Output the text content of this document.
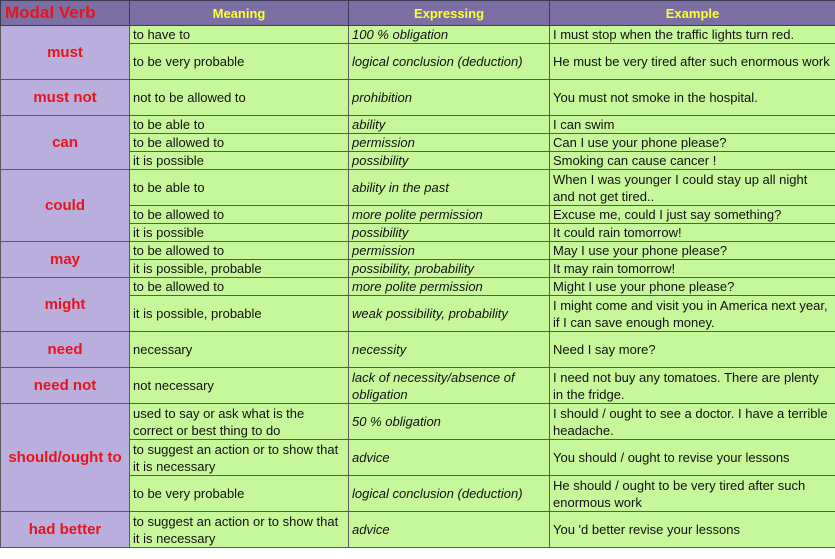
Modal Verb	Meaning	Expressing	Example
must	to have to	100 % obligation	I must stop when the traffic lights turn red.
	to be very probable	logical conclusion (deduction)	He must be very tired after such enormous work
must not	not to be allowed to	prohibition	You must not smoke in the hospital.
can	to be able to	ability	I can swim
	to be allowed to	permission	Can I use your phone please?
	it is possible	possibility	Smoking can cause cancer !
could	to be able to	ability in the past	When I was younger I could stay up all night and not get tired..
	to be allowed to	more polite permission	Excuse me, could I just say something?
	it is possible	possibility	It could rain tomorrow!
may	to be allowed to	permission	May I use your phone please?
	it is possible, probable	possibility, probability	It may rain tomorrow!
might	to be allowed to	more polite permission	Might I use your phone please?
	it is possible, probable	weak possibility, probability	I might come and visit you in America next year, if I can save enough money.
need	necessary	necessity	Need I say more?
need not	not necessary	lack of necessity/absence of obligation	I need not buy any tomatoes. There are plenty in the fridge.
should/ought to	used to say or ask what is the correct or best thing to do	50 % obligation	I should / ought to see a doctor. I have a terrible headache.
	to suggest an action or to show that it is necessary	advice	You should / ought to revise your lessons
	to be very probable	logical conclusion (deduction)	He should / ought to be very tired after such enormous work
had better	to suggest an action or to show that it is necessary	advice	You 'd better revise your lessons
